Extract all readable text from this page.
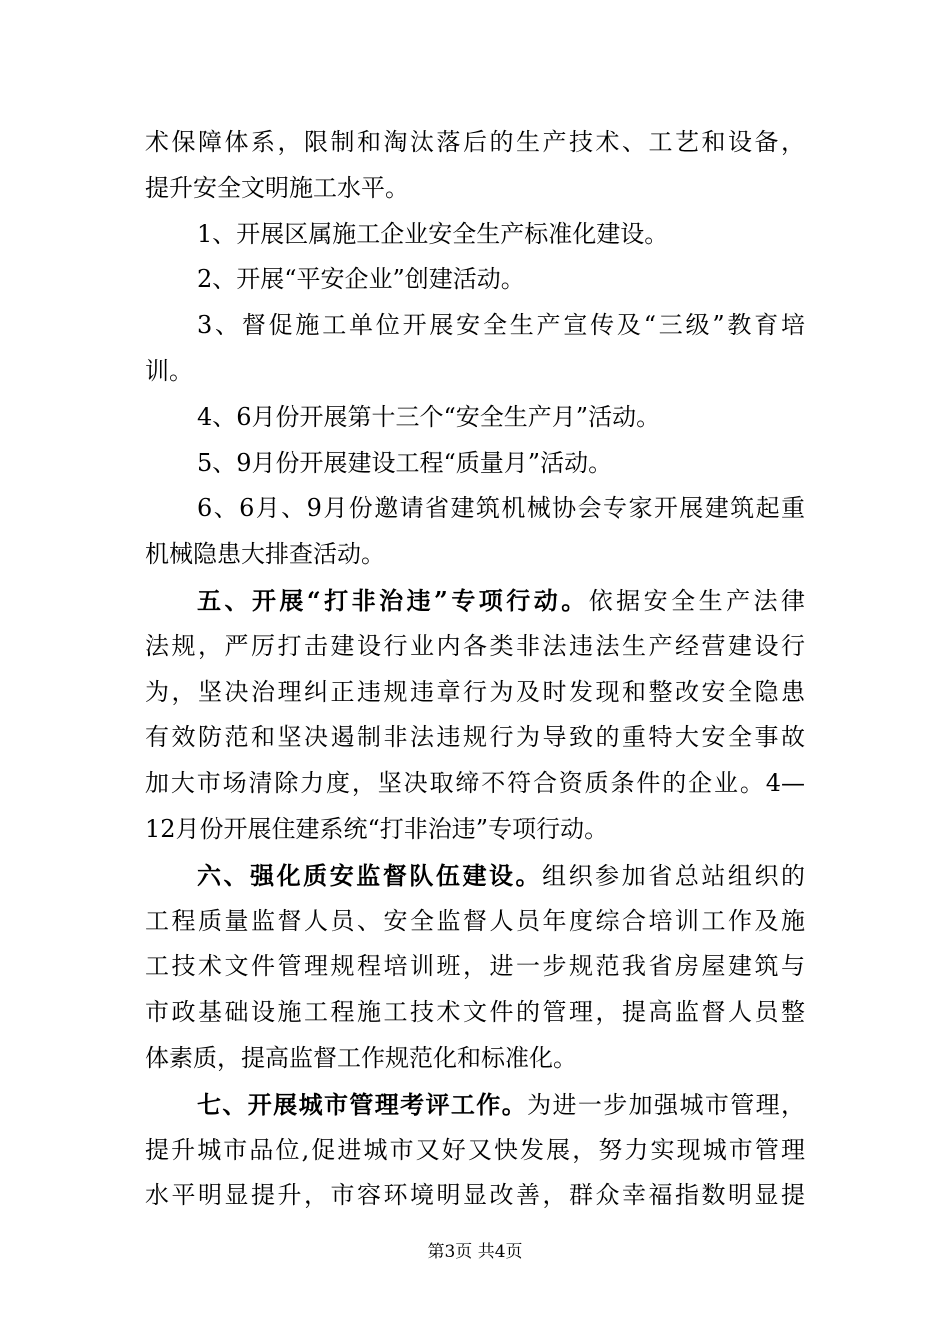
术保障体系，限制和淘汰落后的生产技术、工艺和设备，
提升安全文明施工水平。
1、开展区属施工企业安全生产标准化建设。
2、开展“平安企业”创建活动。
3、督促施工单位开展安全生产宣传及“三级”教育培
训。
4、6月份开展第十三个“安全生产月”活动。
5、9月份开展建设工程“质量月”活动。
6、6月、9月份邀请省建筑机械协会专家开展建筑起重
机械隐患大排查活动。
五、开展“打非治违”专项行动。依据安全生产法律
法规，严厉打击建设行业内各类非法违法生产经营建设行
为，坚决治理纠正违规违章行为及时发现和整改安全隐患
有效防范和坚决遏制非法违规行为导致的重特大安全事故
加大市场清除力度，坚决取缔不符合资质条件的企业。4—
12月份开展住建系统“打非治违”专项行动。
六、强化质安监督队伍建设。组织参加省总站组织的
工程质量监督人员、安全监督人员年度综合培训工作及施
工技术文件管理规程培训班，进一步规范我省房屋建筑与
市政基础设施工程施工技术文件的管理，提高监督人员整
体素质，提高监督工作规范化和标准化。
七、开展城市管理考评工作。为进一步加强城市管理，
提升城市品位,促进城市又好又快发展，努力实现城市管理
水平明显提升，市容环境明显改善，群众幸福指数明显提
第3页 共4页
